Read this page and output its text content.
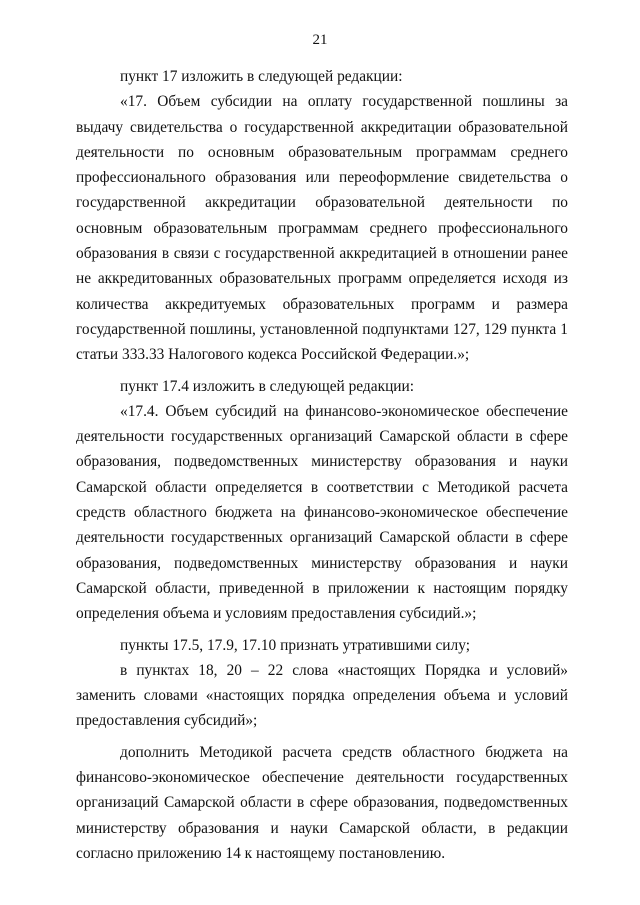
21

пункт 17 изложить в следующей редакции:

«17. Объем субсидии на оплату государственной пошлины за выдачу свидетельства о государственной аккредитации образовательной деятельности по основным образовательным программам среднего профессионального образования или переоформление свидетельства о государственной аккредитации образовательной деятельности по основным образовательным программам среднего профессионального образования в связи с государственной аккредитацией в отношении ранее не аккредитованных образовательных программ определяется исходя из количества аккредитуемых образовательных программ и размера государственной пошлины, установленной подпунктами 127, 129 пункта 1 статьи 333.33 Налогового кодекса Российской Федерации.»;

пункт 17.4 изложить в следующей редакции:

«17.4. Объем субсидий на финансово-экономическое обеспечение деятельности государственных организаций Самарской области в сфере образования, подведомственных министерству образования и науки Самарской области определяется в соответствии с Методикой расчета средств областного бюджета на финансово-экономическое обеспечение деятельности государственных организаций Самарской области в сфере образования, подведомственных министерству образования и науки Самарской области, приведенной в приложении к настоящим порядку определения объема и условиям предоставления субсидий.»;

пункты 17.5, 17.9, 17.10 признать утратившими силу;

в пунктах 18, 20 – 22 слова «настоящих Порядка и условий» заменить словами «настоящих порядка определения объема и условий предоставления субсидий»;

дополнить Методикой расчета средств областного бюджета на финансово-экономическое обеспечение деятельности государственных организаций Самарской области в сфере образования, подведомственных министерству образования и науки Самарской области, в редакции согласно приложению 14 к настоящему постановлению.
